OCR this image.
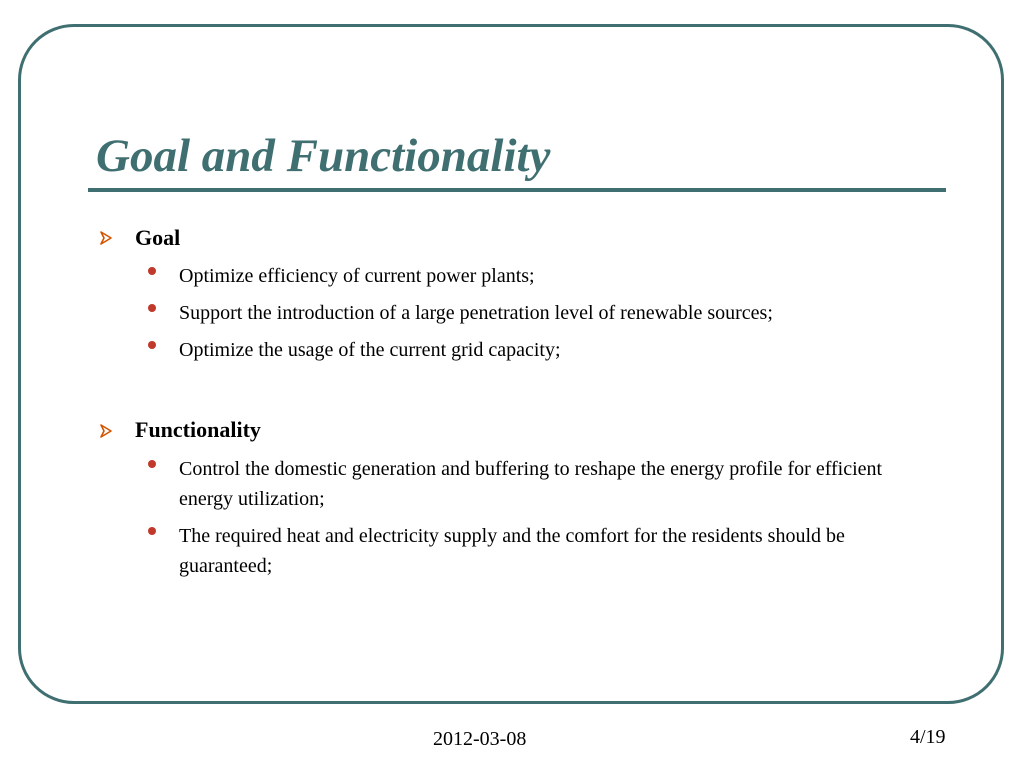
Goal and Functionality
Goal
Optimize efficiency of current power plants;
Support the introduction of a large penetration level of renewable sources;
Optimize the usage of the current grid capacity;
Functionality
Control the domestic generation and buffering to reshape the energy profile for efficient energy utilization;
The required heat and electricity supply and the comfort for the residents should be guaranteed;
2012-03-08	4/19
